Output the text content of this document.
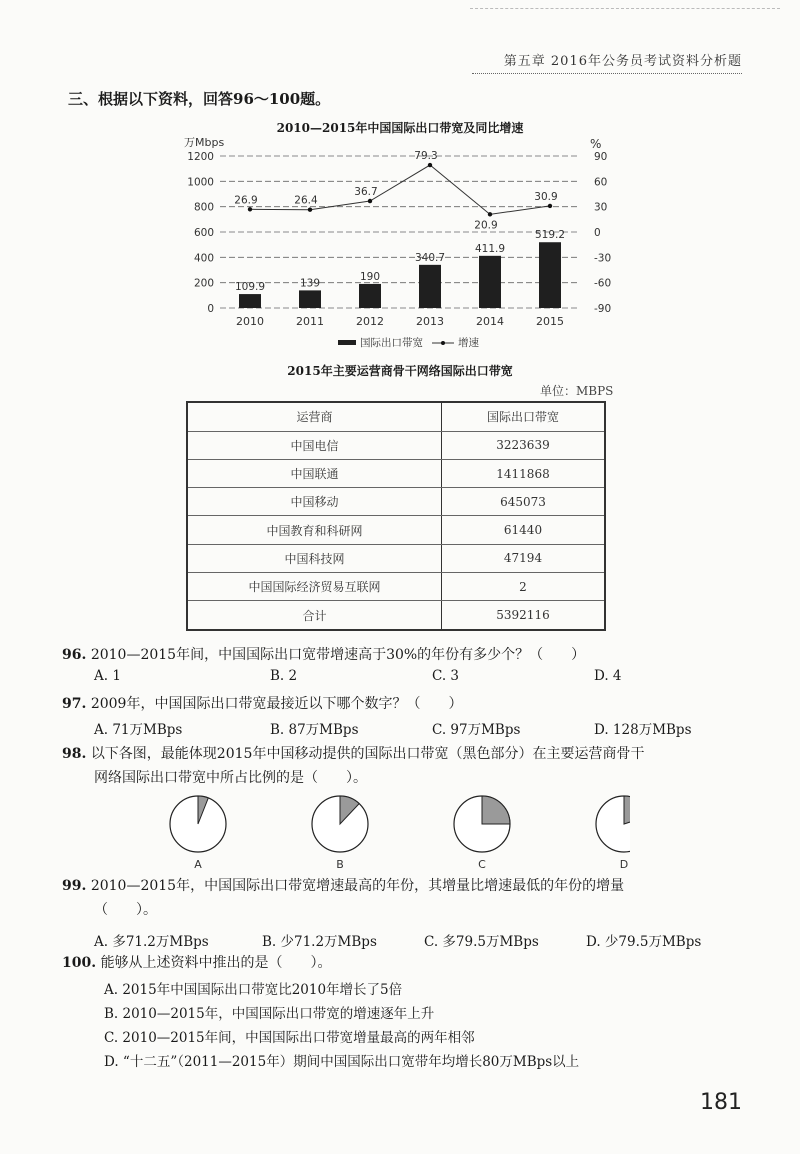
第五章 2016年公务员考试资料分析题
三、根据以下资料，回答96～100题。
2010—2015年中国国际出口带宽及同比增速
万Mbps	%
0
200
400
600
800
1000
1200
-90
-60
-30
0
30
60
90
109.9	139
190
340.7
411.9
519.2
2010	2011	2012	2013	2014	2015
26.9	26.4
36.7
79.3
20.9
30.9
国际出口带宽	增速
2015年主要运营商骨干网络国际出口带宽
单位：MBPS
运营商	国际出口带宽
中国电信	3223639
中国联通	1411868
中国移动	645073
中国教育和科研网	61440
中国科技网	47194
中国国际经济贸易互联网	2
合计	5392116
96. 2010—2015年间，中国国际出口宽带增速高于30%的年份有多少个？（　　）
A. 1	B. 2	C. 3	D. 4
97. 2009年，中国国际出口带宽最接近以下哪个数字？（　　）
A. 71万MBps	B. 87万MBps	C. 97万MBps	D. 128万MBps
98. 以下各图，最能体现2015年中国移动提供的国际出口带宽（黑色部分）在主要运营商骨干
网络国际出口带宽中所占比例的是（　　）。
A	B	C	D
99. 2010—2015年，中国国际出口带宽增速最高的年份，其增量比增速最低的年份的增量
（　　）。
A. 多71.2万MBps	B. 少71.2万MBps	C. 多79.5万MBps	D. 少79.5万MBps
100. 能够从上述资料中推出的是（　　）。
A. 2015年中国国际出口带宽比2010年增长了5倍
B. 2010—2015年，中国国际出口带宽的增速逐年上升
C. 2010—2015年间，中国国际出口带宽增量最高的两年相邻
D. “十二五”（2011—2015年）期间中国国际出口宽带年均增长80万MBps以上
181
